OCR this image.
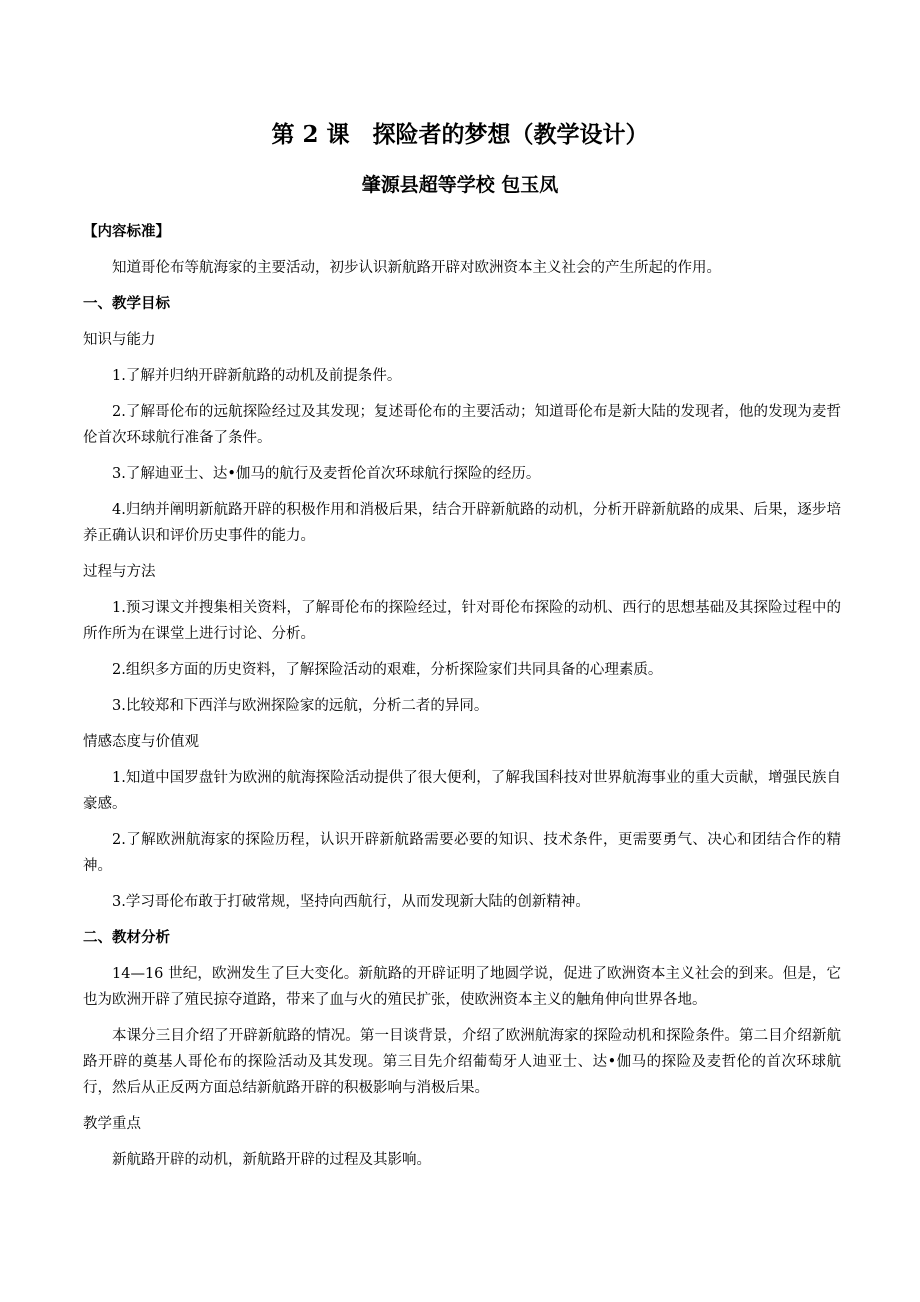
第 2 课　探险者的梦想（教学设计）
肇源县超等学校 包玉凤
【内容标准】
知道哥伦布等航海家的主要活动，初步认识新航路开辟对欧洲资本主义社会的产生所起的作用。
一、教学目标
知识与能力
1.了解并归纳开辟新航路的动机及前提条件。
2.了解哥伦布的远航探险经过及其发现；复述哥伦布的主要活动；知道哥伦布是新大陆的发现者，他的发现为麦哲伦首次环球航行准备了条件。
3.了解迪亚士、达•伽马的航行及麦哲伦首次环球航行探险的经历。
4.归纳并阐明新航路开辟的积极作用和消极后果，结合开辟新航路的动机，分析开辟新航路的成果、后果，逐步培养正确认识和评价历史事件的能力。
过程与方法
1.预习课文并搜集相关资料，了解哥伦布的探险经过，针对哥伦布探险的动机、西行的思想基础及其探险过程中的所作所为在课堂上进行讨论、分析。
2.组织多方面的历史资料，了解探险活动的艰难，分析探险家们共同具备的心理素质。
3.比较郑和下西洋与欧洲探险家的远航，分析二者的异同。
情感态度与价值观
1.知道中国罗盘针为欧洲的航海探险活动提供了很大便利，了解我国科技对世界航海事业的重大贡献，增强民族自豪感。
2.了解欧洲航海家的探险历程，认识开辟新航路需要必要的知识、技术条件，更需要勇气、决心和团结合作的精神。
3.学习哥伦布敢于打破常规，坚持向西航行，从而发现新大陆的创新精神。
二、教材分析
14—16 世纪，欧洲发生了巨大变化。新航路的开辟证明了地圆学说，促进了欧洲资本主义社会的到来。但是，它也为欧洲开辟了殖民掠夺道路，带来了血与火的殖民扩张，使欧洲资本主义的触角伸向世界各地。
本课分三目介绍了开辟新航路的情况。第一目谈背景，介绍了欧洲航海家的探险动机和探险条件。第二目介绍新航路开辟的奠基人哥伦布的探险活动及其发现。第三目先介绍葡萄牙人迪亚士、达•伽马的探险及麦哲伦的首次环球航行，然后从正反两方面总结新航路开辟的积极影响与消极后果。
教学重点
新航路开辟的动机，新航路开辟的过程及其影响。
